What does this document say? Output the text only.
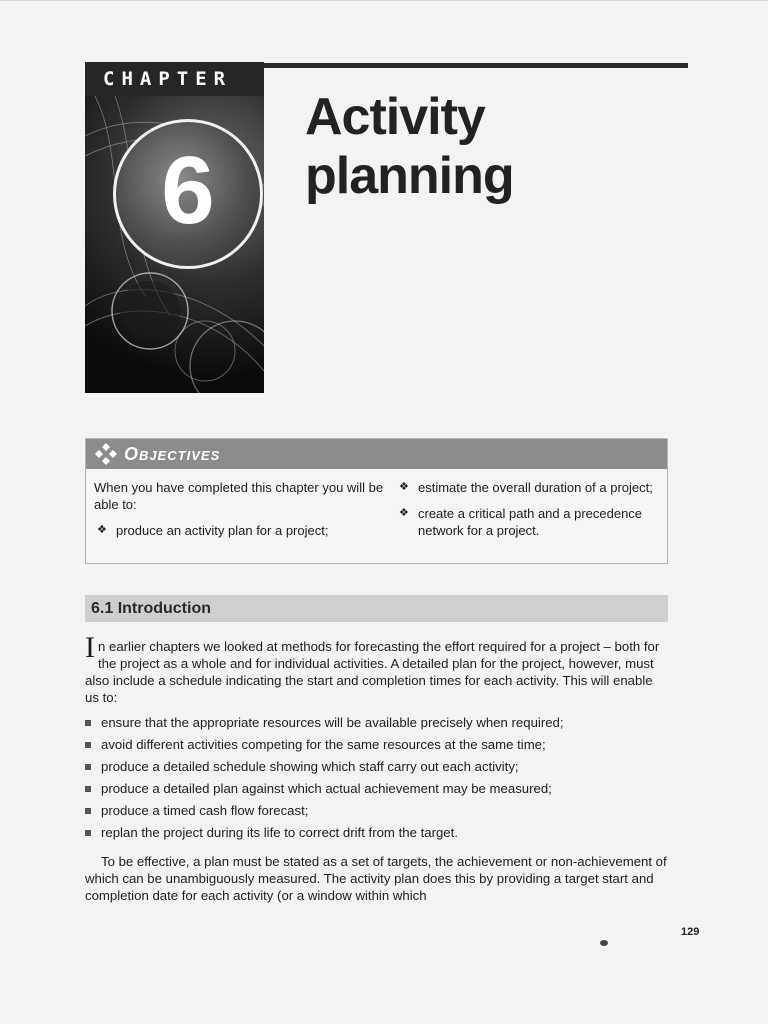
CHAPTER
6
Activity
planning
Objectives

When you have completed this chapter you will be able to:

❖ produce an activity plan for a project;
❖ estimate the overall duration of a project;
❖ create a critical path and a precedence network for a project.
6.1 Introduction
In earlier chapters we looked at methods for forecasting the effort required for a project – both for the project as a whole and for individual activities. A detailed plan for the project, however, must also include a schedule indicating the start and completion times for each activity. This will enable us to:
ensure that the appropriate resources will be available precisely when required;
avoid different activities competing for the same resources at the same time;
produce a detailed schedule showing which staff carry out each activity;
produce a detailed plan against which actual achievement may be measured;
produce a timed cash flow forecast;
replan the project during its life to correct drift from the target.
To be effective, a plan must be stated as a set of targets, the achievement or non-achievement of which can be unambiguously measured. The activity plan does this by providing a target start and completion date for each activity (or a window within which
129
